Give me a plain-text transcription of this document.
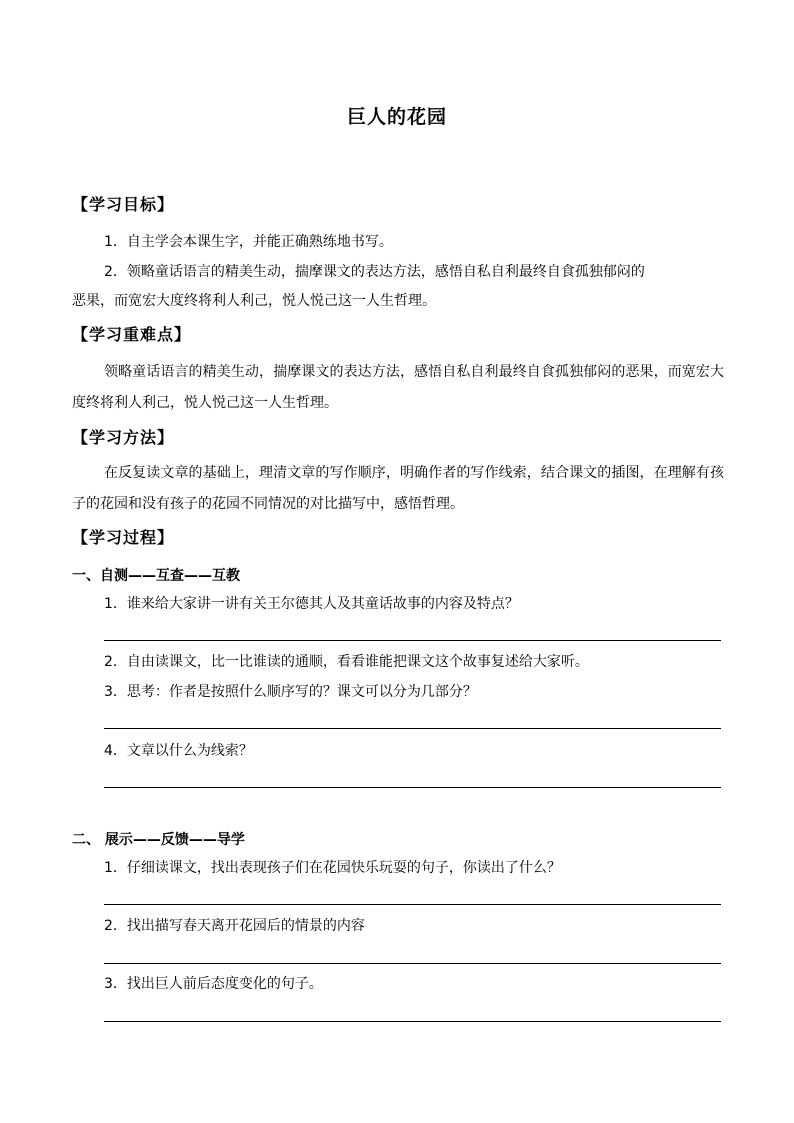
巨人的花园
【学习目标】
1．自主学会本课生字，并能正确熟练地书写。
2．领略童话语言的精美生动，揣摩课文的表达方法，感悟自私自利最终自食孤独郁闷的
恶果，而宽宏大度终将利人利己，悦人悦己这一人生哲理。
【学习重难点】
领略童话语言的精美生动，揣摩课文的表达方法，感悟自私自利最终自食孤独郁闷的恶果，而宽宏大度终将利人利己，悦人悦己这一人生哲理。
【学习方法】
在反复读文章的基础上，理清文章的写作顺序，明确作者的写作线索，结合课文的插图，在理解有孩子的花园和没有孩子的花园不同情况的对比描写中，感悟哲理。
【学习过程】
一、自测——互查——互教
1．谁来给大家讲一讲有关王尔德其人及其童话故事的内容及特点？
2．自由读课文，比一比谁读的通顺，看看谁能把课文这个故事复述给大家听。
3．思考：作者是按照什么顺序写的？课文可以分为几部分？
4．文章以什么为线索？
二、 展示——反馈——导学
1．仔细读课文，找出表现孩子们在花园快乐玩耍的句子，你读出了什么？
2．找出描写春天离开花园后的情景的内容
3．找出巨人前后态度变化的句子。
